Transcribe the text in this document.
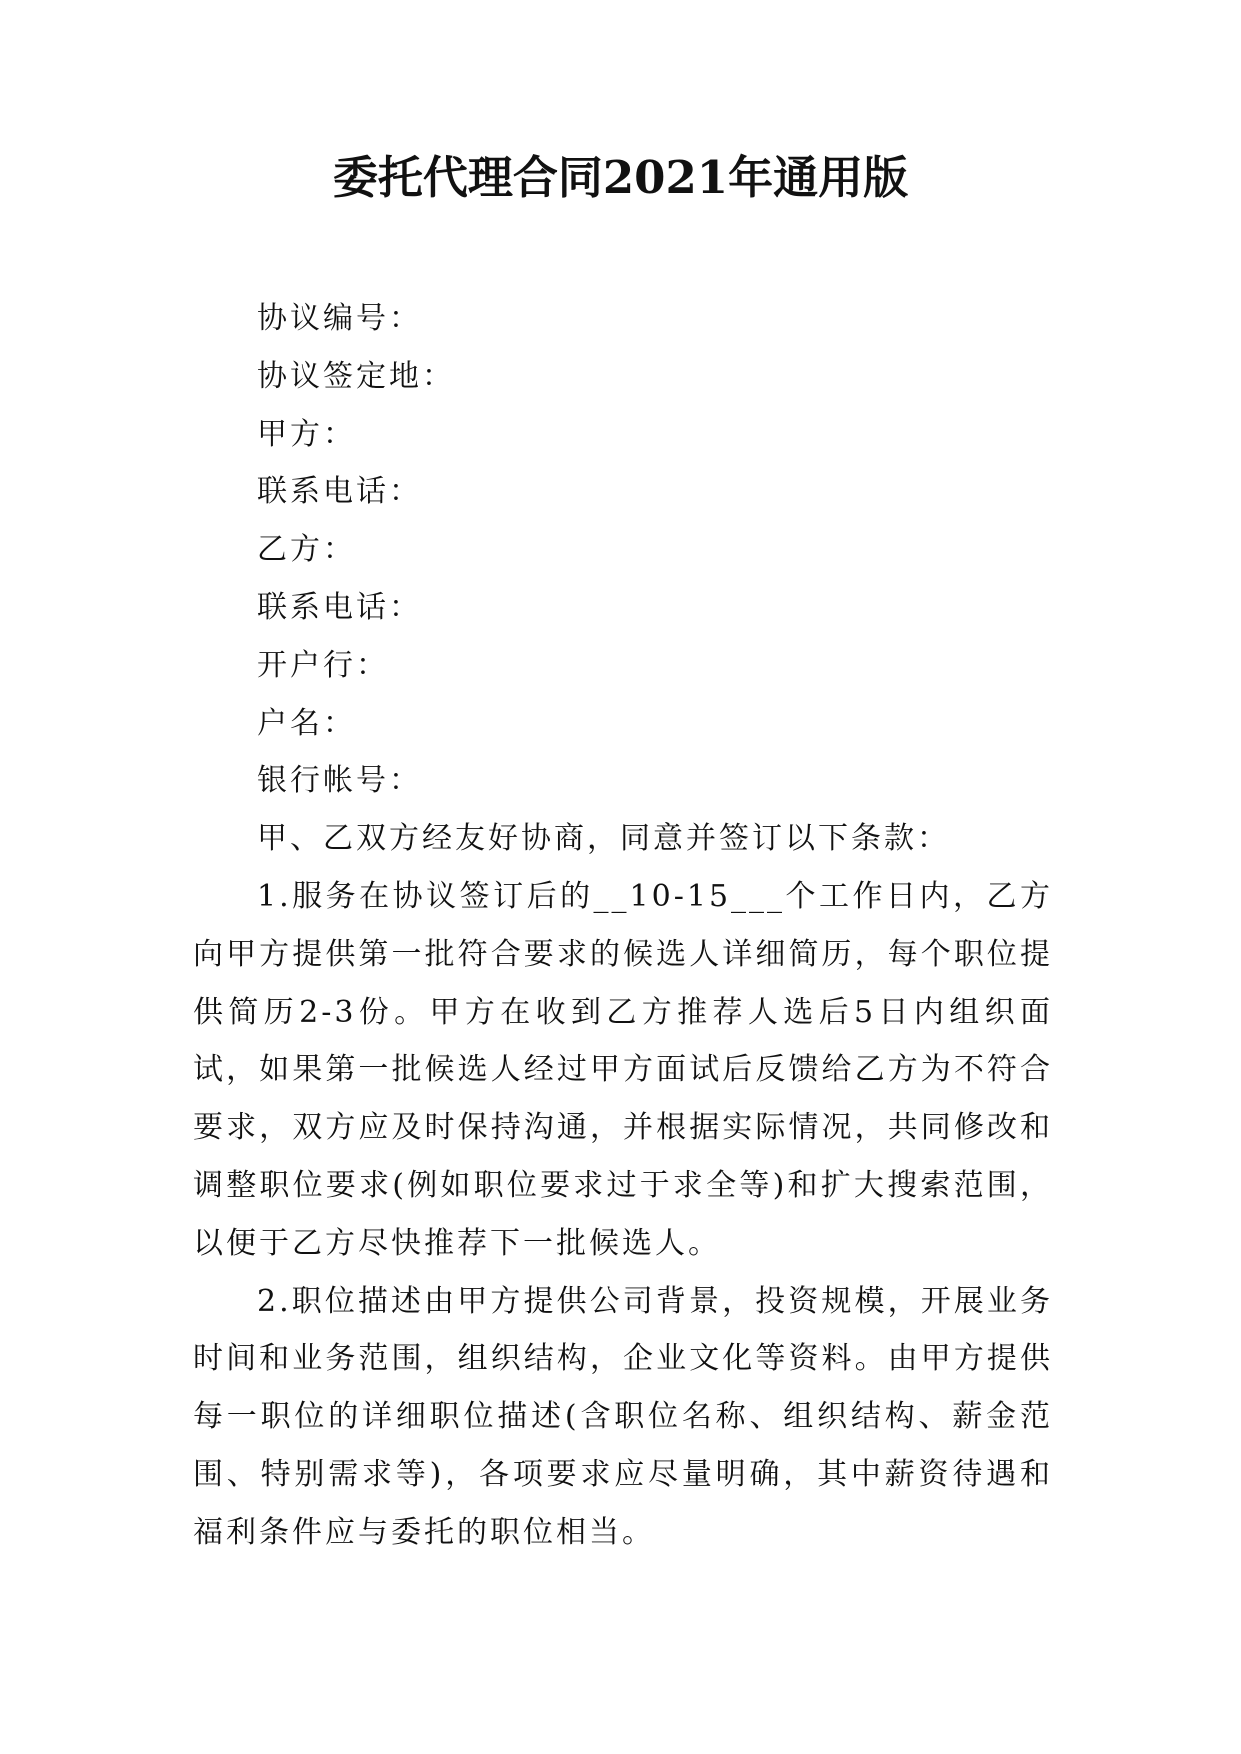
委托代理合同2021年通用版

协议编号：

协议签定地：

甲方：

联系电话：

乙方：

联系电话：

开户行：

户名：

银行帐号：

甲、乙双方经友好协商，同意并签订以下条款：

1.服务在协议签订后的__10-15___个工作日内，乙方向甲方提供第一批符合要求的候选人详细简历，每个职位提供简历2-3份。甲方在收到乙方推荐人选后5日内组织面试，如果第一批候选人经过甲方面试后反馈给乙方为不符合要求，双方应及时保持沟通，并根据实际情况，共同修改和调整职位要求(例如职位要求过于求全等)和扩大搜索范围，以便于乙方尽快推荐下一批候选人。

2.职位描述由甲方提供公司背景，投资规模，开展业务时间和业务范围，组织结构，企业文化等资料。由甲方提供每一职位的详细职位描述(含职位名称、组织结构、薪金范围、特别需求等)，各项要求应尽量明确，其中薪资待遇和福利条件应与委托的职位相当。
